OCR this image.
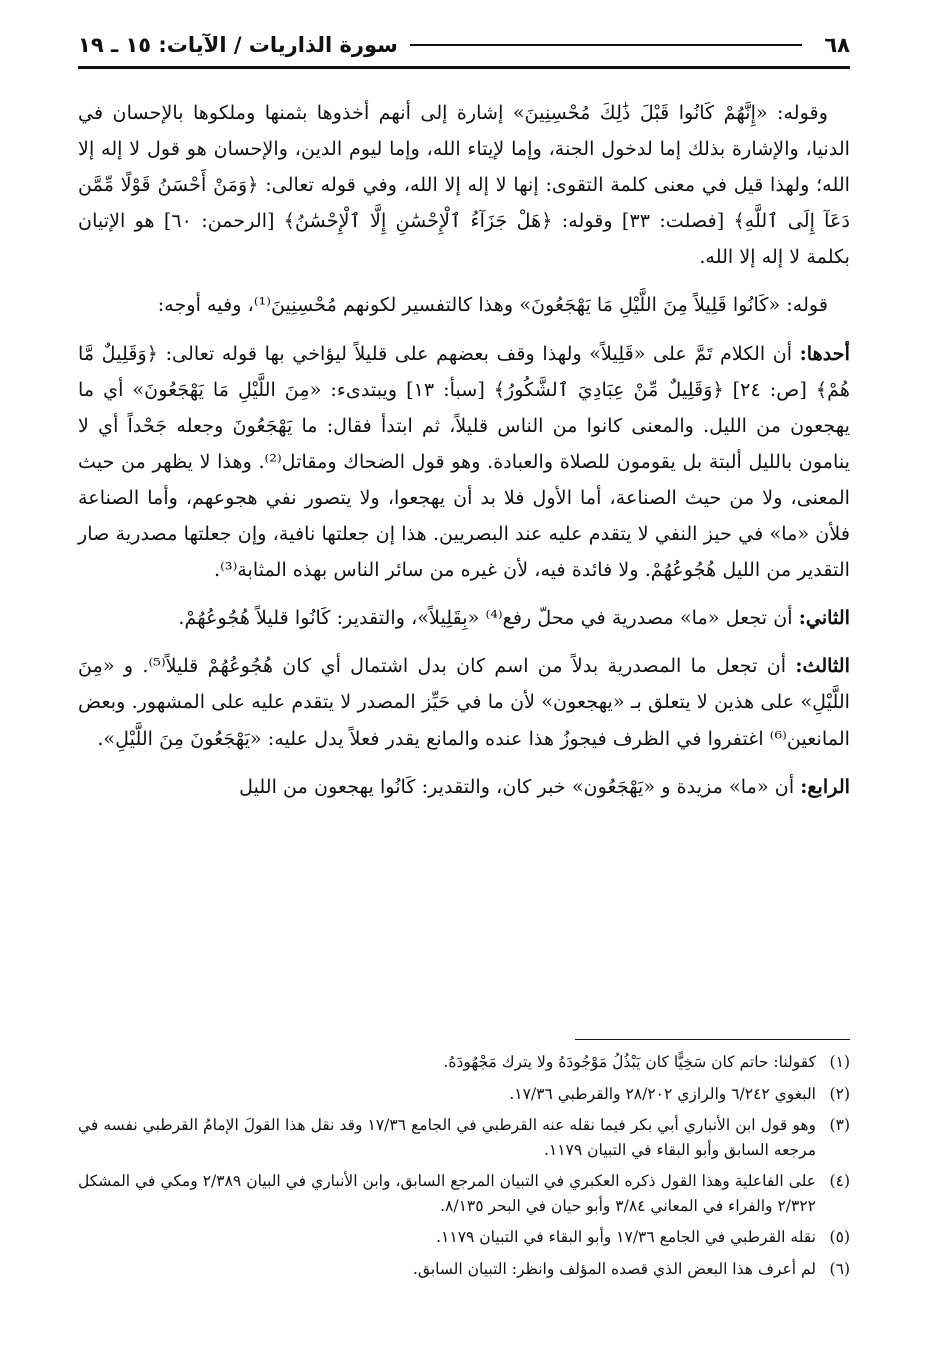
٦٨
سورة الذاريات / الآيات: ١٥ ـ ١٩

وقوله: «إِنَّهُمْ كَانُوا قَبْلَ ذَٰلِكَ مُحْسِنِينَ» إشارة إلى أنهم أخذوها بثمنها وملكوها بالإحسان في الدنيا، والإشارة بذلك إما لدخول الجنة، وإما لإيتاء الله، وإما ليوم الدين، والإحسان هو قول لا إله إلا الله؛ ولهذا قيل في معنى كلمة التقوى: إنها لا إله إلا الله، وفي قوله تعالى: ﴿وَمَنْ أَحْسَنُ قَوْلًا مِّمَّن دَعَآ إِلَى ٱللَّهِ﴾ [فصلت: ٣٣] وقوله: ﴿هَلْ جَزَآءُ ٱلْإِحْسَٰنِ إِلَّا ٱلْإِحْسَٰنُ﴾ [الرحمن: ٦٠] هو الإتيان بكلمة لا إله إلا الله.

قوله: «كَانُوا قَلِيلاً مِنَ اللَّيْلِ مَا يَهْجَعُونَ» وهذا كالتفسير لكونهم مُحْسِنِينَ⁽¹⁾، وفيه أوجه:

أحدها: أن الكلام تَمَّ على «قَلِيلاً» ولهذا وقف بعضهم على قليلاً ليؤاخي بها قوله تعالى: ﴿وَقَلِيلٌ مَّا هُمْ﴾ [ص: ٢٤] ﴿وَقَلِيلٌ مِّنْ عِبَادِيَ ٱلشَّكُورُ﴾ [سبأ: ١٣] ويبتدىء: «مِنَ اللَّيْلِ مَا يَهْجَعُونَ» أي ما يهجعون من الليل. والمعنى كانوا من الناس قليلاً، ثم ابتدأ فقال: ما يَهْجَعُونَ وجعله جَحْداً أي لا ينامون بالليل ألبتة بل يقومون للصلاة والعبادة. وهو قول الضحاك ومقاتل⁽²⁾. وهذا لا يظهر من حيث المعنى، ولا من حيث الصناعة، أما الأول فلا بد أن يهجعوا، ولا يتصور نفي هجوعهم، وأما الصناعة فلأن «ما» في حيز النفي لا يتقدم عليه عند البصريين. هذا إن جعلتها نافية، وإن جعلتها مصدرية صار التقدير من الليل هُجُوعُهُمْ. ولا فائدة فيه، لأن غيره من سائر الناس بهذه المثابة⁽³⁾.

الثاني: أن تجعل «ما» مصدرية في محلّ رفع⁽⁴⁾ «بِقَلِيلاً»، والتقدير: كَانُوا قليلاً هُجُوعُهُمْ.

الثالث: أن تجعل ما المصدرية بدلاً من اسم كان بدل اشتمال أي كان هُجُوعُهُمْ قليلاً⁽⁵⁾. و «مِنَ اللَّيْلِ» على هذين لا يتعلق بـ «يهجعون» لأن ما في حَيِّز المصدر لا يتقدم عليه على المشهور. وبعض المانعين⁽⁶⁾ اغتفروا في الظرف فيجوزُ هذا عنده والمانع يقدر فعلاً يدل عليه: «يَهْجَعُونَ مِنَ اللَّيْلِ».

الرابع: أن «ما» مزيدة و «يَهْجَعُون» خبر كان، والتقدير: كَانُوا يهجعون من الليل

(١)
كقولنا: حاتم كان سَخِيًّا كان يَبْذُلُ مَوْجُودَهُ ولا يترك مَجْهُودَهُ.
(٢)
البغوي ٦/٢٤٢ والرازي ٢٨/٢٠٢ والقرطبي ١٧/٣٦.
(٣)
وهو قول ابن الأنباري أبي بكر فيما نقله عنه القرطبي في الجامع ١٧/٣٦ وقد نقل هذا القولَ الإمامُ القرطبي نفسه في مرجعه السابق وأبو البقاء في التبيان ١١٧٩.
(٤)
على الفاعلية وهذا القول ذكره العكبري في التبيان المرجع السابق، وابن الأنباري في البيان ٢/٣٨٩ ومكي في المشكل ٢/٣٢٢ والفراء في المعاني ٣/٨٤ وأبو حيان في البحر ٨/١٣٥.
(٥)
نقله القرطبي في الجامع ١٧/٣٦ وأبو البقاء في التبيان ١١٧٩.
(٦)
لم أعرف هذا البعض الذي قصده المؤلف وانظر: التبيان السابق.
